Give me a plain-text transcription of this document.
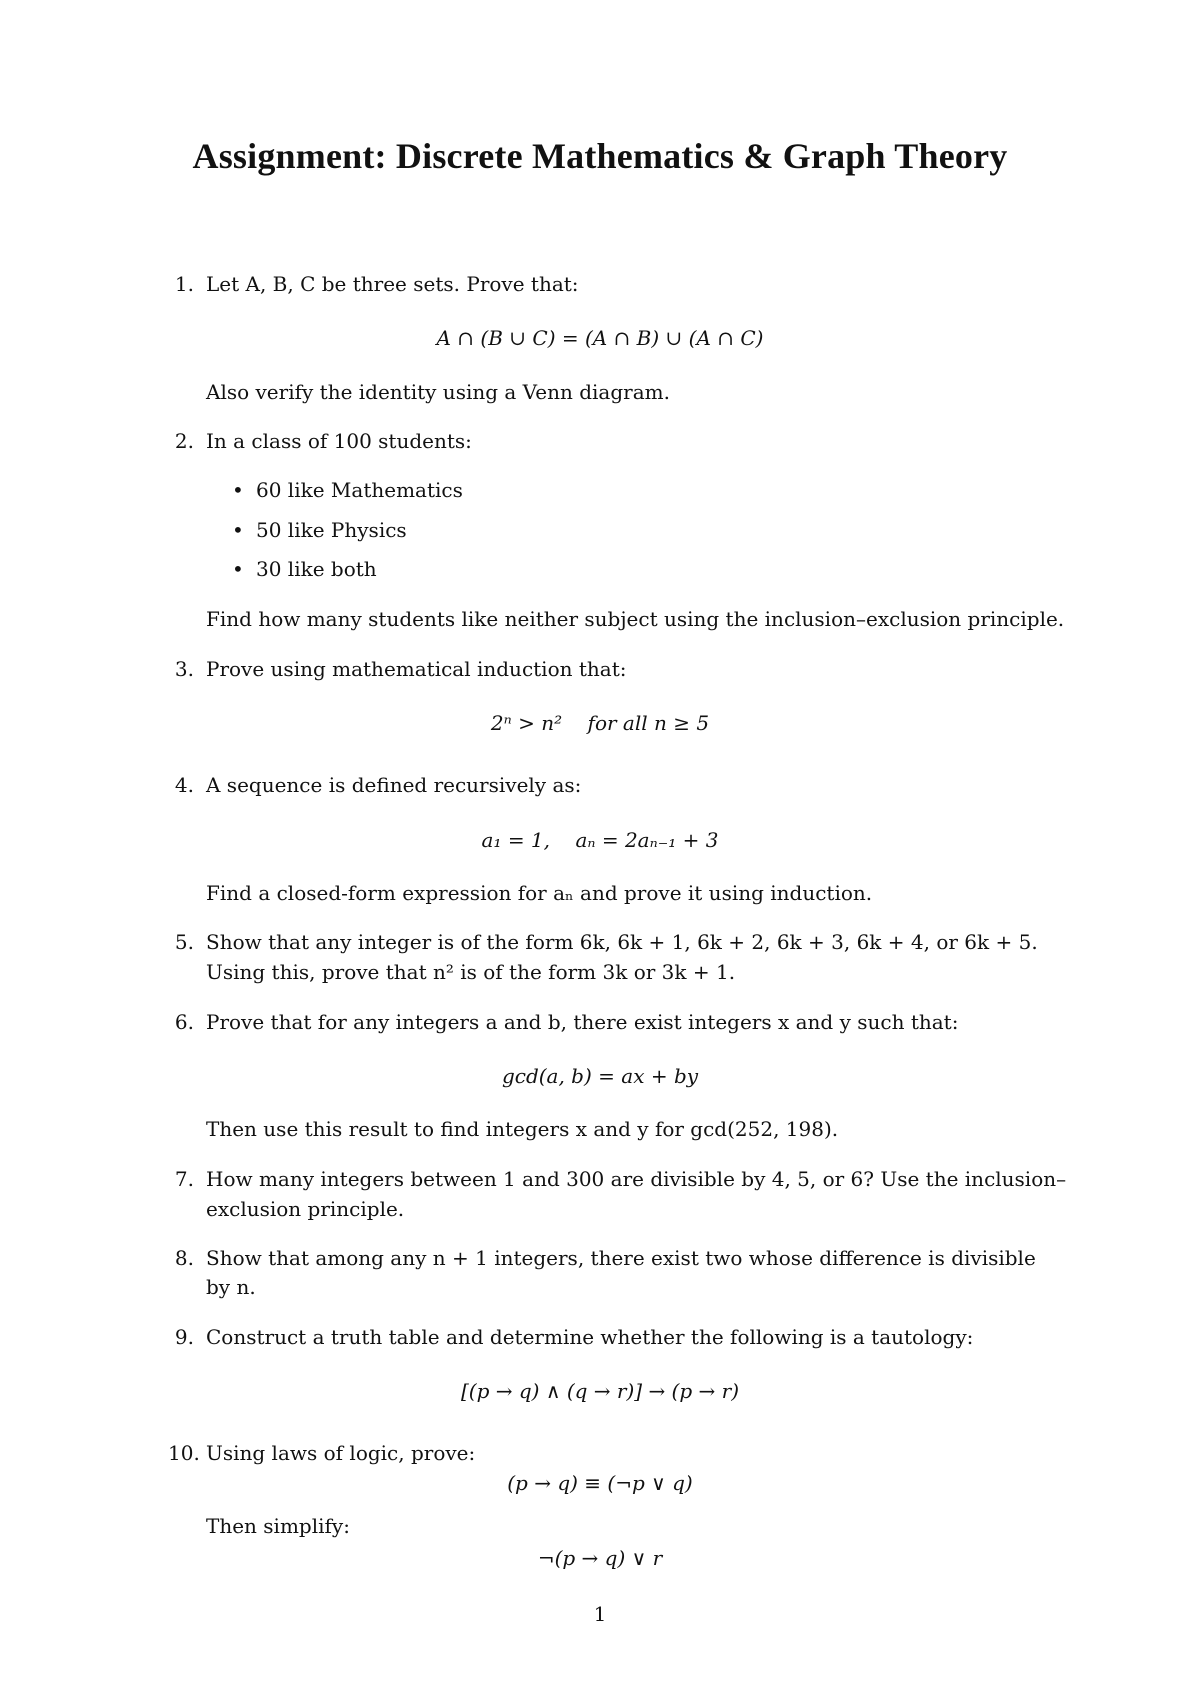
Assignment: Discrete Mathematics & Graph Theory
1. Let A, B, C be three sets. Prove that:
A ∩ (B ∪ C) = (A ∩ B) ∪ (A ∩ C)
Also verify the identity using a Venn diagram.
2. In a class of 100 students:
• 60 like Mathematics
• 50 like Physics
• 30 like both
Find how many students like neither subject using the inclusion–exclusion principle.
3. Prove using mathematical induction that:
2ⁿ > n²    for all n ≥ 5
4. A sequence is defined recursively as:
a₁ = 1,    aₙ = 2aₙ₋₁ + 3
Find a closed-form expression for aₙ and prove it using induction.
5. Show that any integer is of the form 6k, 6k + 1, 6k + 2, 6k + 3, 6k + 4, or 6k + 5.
Using this, prove that n² is of the form 3k or 3k + 1.
6. Prove that for any integers a and b, there exist integers x and y such that:
gcd(a, b) = ax + by
Then use this result to find integers x and y for gcd(252, 198).
7. How many integers between 1 and 300 are divisible by 4, 5, or 6? Use the inclusion–
exclusion principle.
8. Show that among any n + 1 integers, there exist two whose difference is divisible
by n.
9. Construct a truth table and determine whether the following is a tautology:
[(p → q) ∧ (q → r)] → (p → r)
10. Using laws of logic, prove:
(p → q) ≡ (¬p ∨ q)
Then simplify:
¬(p → q) ∨ r
1
